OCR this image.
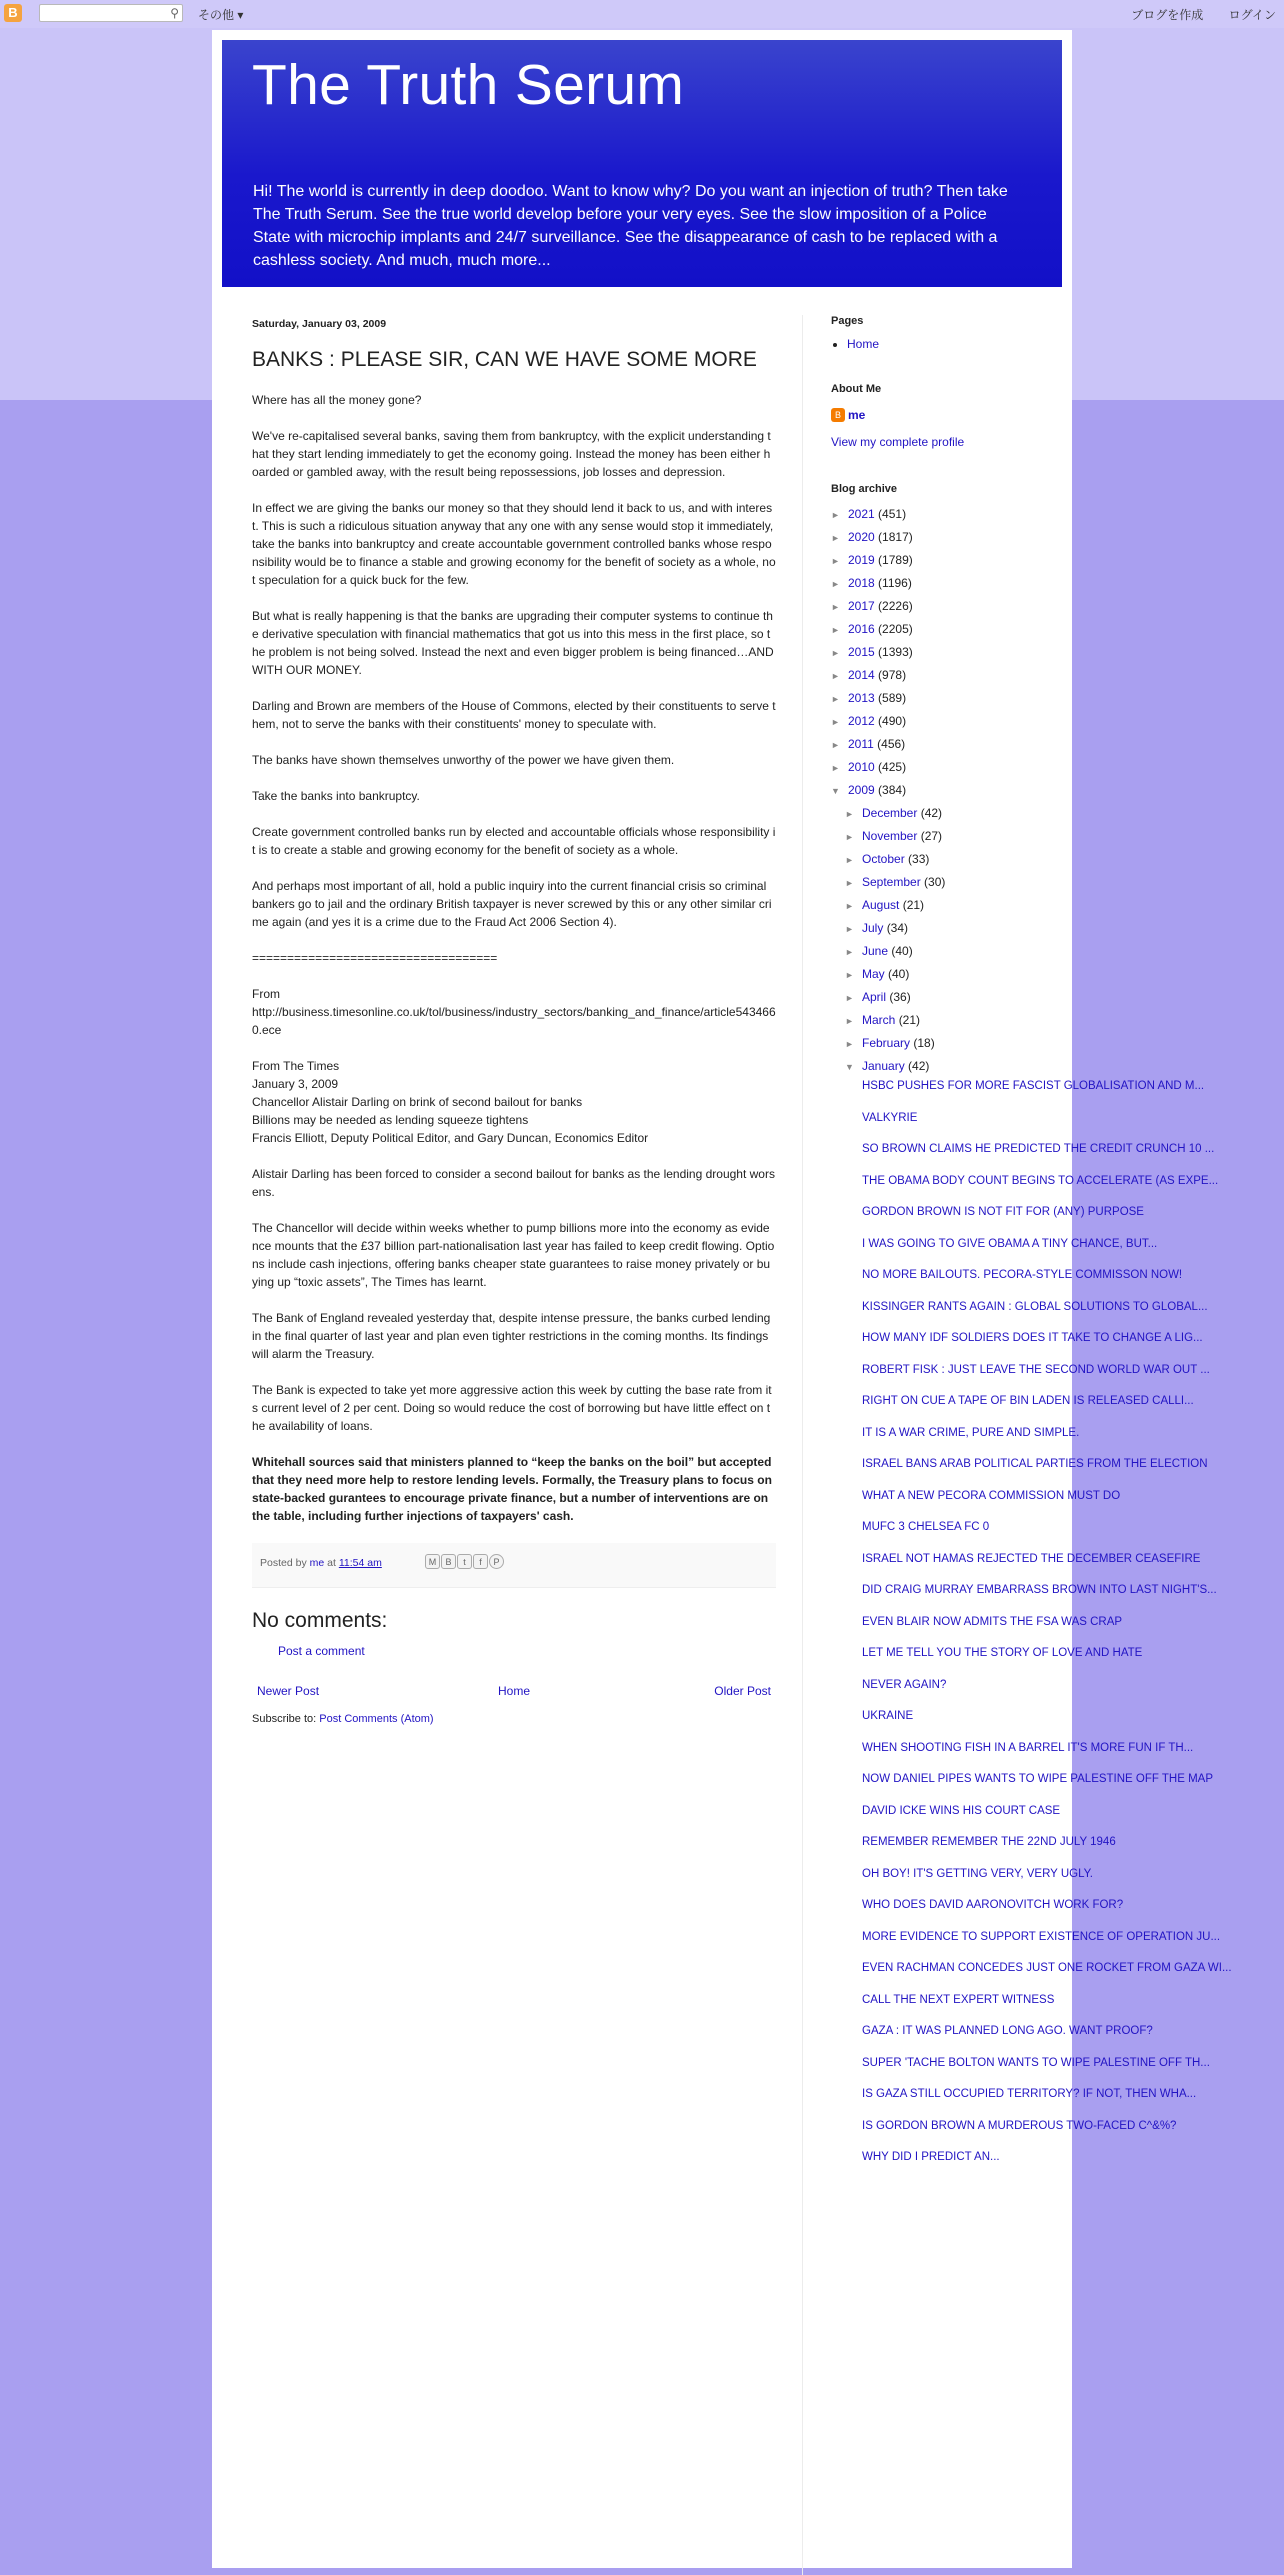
B	⚲ その他 ▾	ブログを作成 ログイン
The Truth Serum

Hi! The world is currently in deep doodoo. Want to know why? Do you want an injection of truth? Then take The Truth Serum. See the true world develop before your very eyes. See the slow imposition of a Police State with microchip implants and 24/7 surveillance. See the disappearance of cash to be replaced with a cashless society. And much, much more...

Saturday, January 03, 2009
BANKS : PLEASE SIR, CAN WE HAVE SOME MORE

Where has all the money gone?

We've re-capitalised several banks, saving them from bankruptcy, with the explicit understanding that they start lending immediately to get the economy going. Instead the money has been either hoarded or gambled away, with the result being repossessions, job losses and depression.

In effect we are giving the banks our money so that they should lend it back to us, and with interest. This is such a ridiculous situation anyway that any one with any sense would stop it immediately, take the banks into bankruptcy and create accountable government controlled banks whose responsibility would be to finance a stable and growing economy for the benefit of society as a whole, not speculation for a quick buck for the few.

But what is really happening is that the banks are upgrading their computer systems to continue the derivative speculation with financial mathematics that got us into this mess in the first place, so the problem is not being solved. Instead the next and even bigger problem is being financed…AND WITH OUR MONEY.

Darling and Brown are members of the House of Commons, elected by their constituents to serve them, not to serve the banks with their constituents' money to speculate with.

The banks have shown themselves unworthy of the power we have given them.

Take the banks into bankruptcy.

Create government controlled banks run by elected and accountable officials whose responsibility it is to create a stable and growing economy for the benefit of society as a whole.

And perhaps most important of all, hold a public inquiry into the current financial crisis so criminal bankers go to jail and the ordinary British taxpayer is never screwed by this or any other similar crime again (and yes it is a crime due to the Fraud Act 2006 Section 4).

===================================

From
http://business.timesonline.co.uk/tol/business/industry_sectors/banking_and_finance/article5434660.ece

From The Times
January 3, 2009
Chancellor Alistair Darling on brink of second bailout for banks
Billions may be needed as lending squeeze tightens
Francis Elliott, Deputy Political Editor, and Gary Duncan, Economics Editor

Alistair Darling has been forced to consider a second bailout for banks as the lending drought worsens.

The Chancellor will decide within weeks whether to pump billions more into the economy as evidence mounts that the £37 billion part-nationalisation last year has failed to keep credit flowing. Options include cash injections, offering banks cheaper state guarantees to raise money privately or buying up “toxic assets”, The Times has learnt.

The Bank of England revealed yesterday that, despite intense pressure, the banks curbed lending in the final quarter of last year and plan even tighter restrictions in the coming months. Its findings will alarm the Treasury.

The Bank is expected to take yet more aggressive action this week by cutting the base rate from its current level of 2 per cent. Doing so would reduce the cost of borrowing but have little effect on the availability of loans.

Whitehall sources said that ministers planned to “keep the banks on the boil” but accepted that they need more help to restore lending levels. Formally, the Treasury plans to focus on state-backed gurantees to encourage private finance, but a number of interventions are on the table, including further injections of taxpayers' cash.

Posted by me at 11:54 am	M B t f P
No comments:
Post a comment
Newer Post	Home	Older Post
Subscribe to: Post Comments (Atom)
Pages
• Home
About Me
B me
View my complete profile
Blog archive
► 2021 (451)
► 2020 (1817)
► 2019 (1789)
► 2018 (1196)
► 2017 (2226)
► 2016 (2205)
► 2015 (1393)
► 2014 (978)
► 2013 (589)
► 2012 (490)
► 2011 (456)
► 2010 (425)
▼ 2009 (384)
► December (42)
► November (27)
► October (33)
► September (30)
► August (21)
► July (34)
► June (40)
► May (40)
► April (36)
► March (21)
► February (18)
▼ January (42)
HSBC PUSHES FOR MORE FASCIST GLOBALISATION AND M...
VALKYRIE
SO BROWN CLAIMS HE PREDICTED THE CREDIT CRUNCH 10 ...
THE OBAMA BODY COUNT BEGINS TO ACCELERATE (AS EXPE...
GORDON BROWN IS NOT FIT FOR (ANY) PURPOSE
I WAS GOING TO GIVE OBAMA A TINY CHANCE, BUT...
NO MORE BAILOUTS. PECORA-STYLE COMMISSON NOW!
KISSINGER RANTS AGAIN : GLOBAL SOLUTIONS TO GLOBAL...
HOW MANY IDF SOLDIERS DOES IT TAKE TO CHANGE A LIG...
ROBERT FISK : JUST LEAVE THE SECOND WORLD WAR OUT ...
RIGHT ON CUE A TAPE OF BIN LADEN IS RELEASED CALLI...
IT IS A WAR CRIME, PURE AND SIMPLE.
ISRAEL BANS ARAB POLITICAL PARTIES FROM THE ELECTION
WHAT A NEW PECORA COMMISSION MUST DO
MUFC 3 CHELSEA FC 0
ISRAEL NOT HAMAS REJECTED THE DECEMBER CEASEFIRE
DID CRAIG MURRAY EMBARRASS BROWN INTO LAST NIGHT'S...
EVEN BLAIR NOW ADMITS THE FSA WAS CRAP
LET ME TELL YOU THE STORY OF LOVE AND HATE
NEVER AGAIN?
UKRAINE
WHEN SHOOTING FISH IN A BARREL IT'S MORE FUN IF TH...
NOW DANIEL PIPES WANTS TO WIPE PALESTINE OFF THE MAP
DAVID ICKE WINS HIS COURT CASE
REMEMBER REMEMBER THE 22ND JULY 1946
OH BOY! IT'S GETTING VERY, VERY UGLY.
WHO DOES DAVID AARONOVITCH WORK FOR?
MORE EVIDENCE TO SUPPORT EXISTENCE OF OPERATION JU...
EVEN RACHMAN CONCEDES JUST ONE ROCKET FROM GAZA WI...
CALL THE NEXT EXPERT WITNESS
GAZA : IT WAS PLANNED LONG AGO. WANT PROOF?
SUPER 'TACHE BOLTON WANTS TO WIPE PALESTINE OFF TH...
IS GAZA STILL OCCUPIED TERRITORY? IF NOT, THEN WHA...
IS GORDON BROWN A MURDEROUS TWO-FACED C^&%?
WHY DID I PREDICT AN...
